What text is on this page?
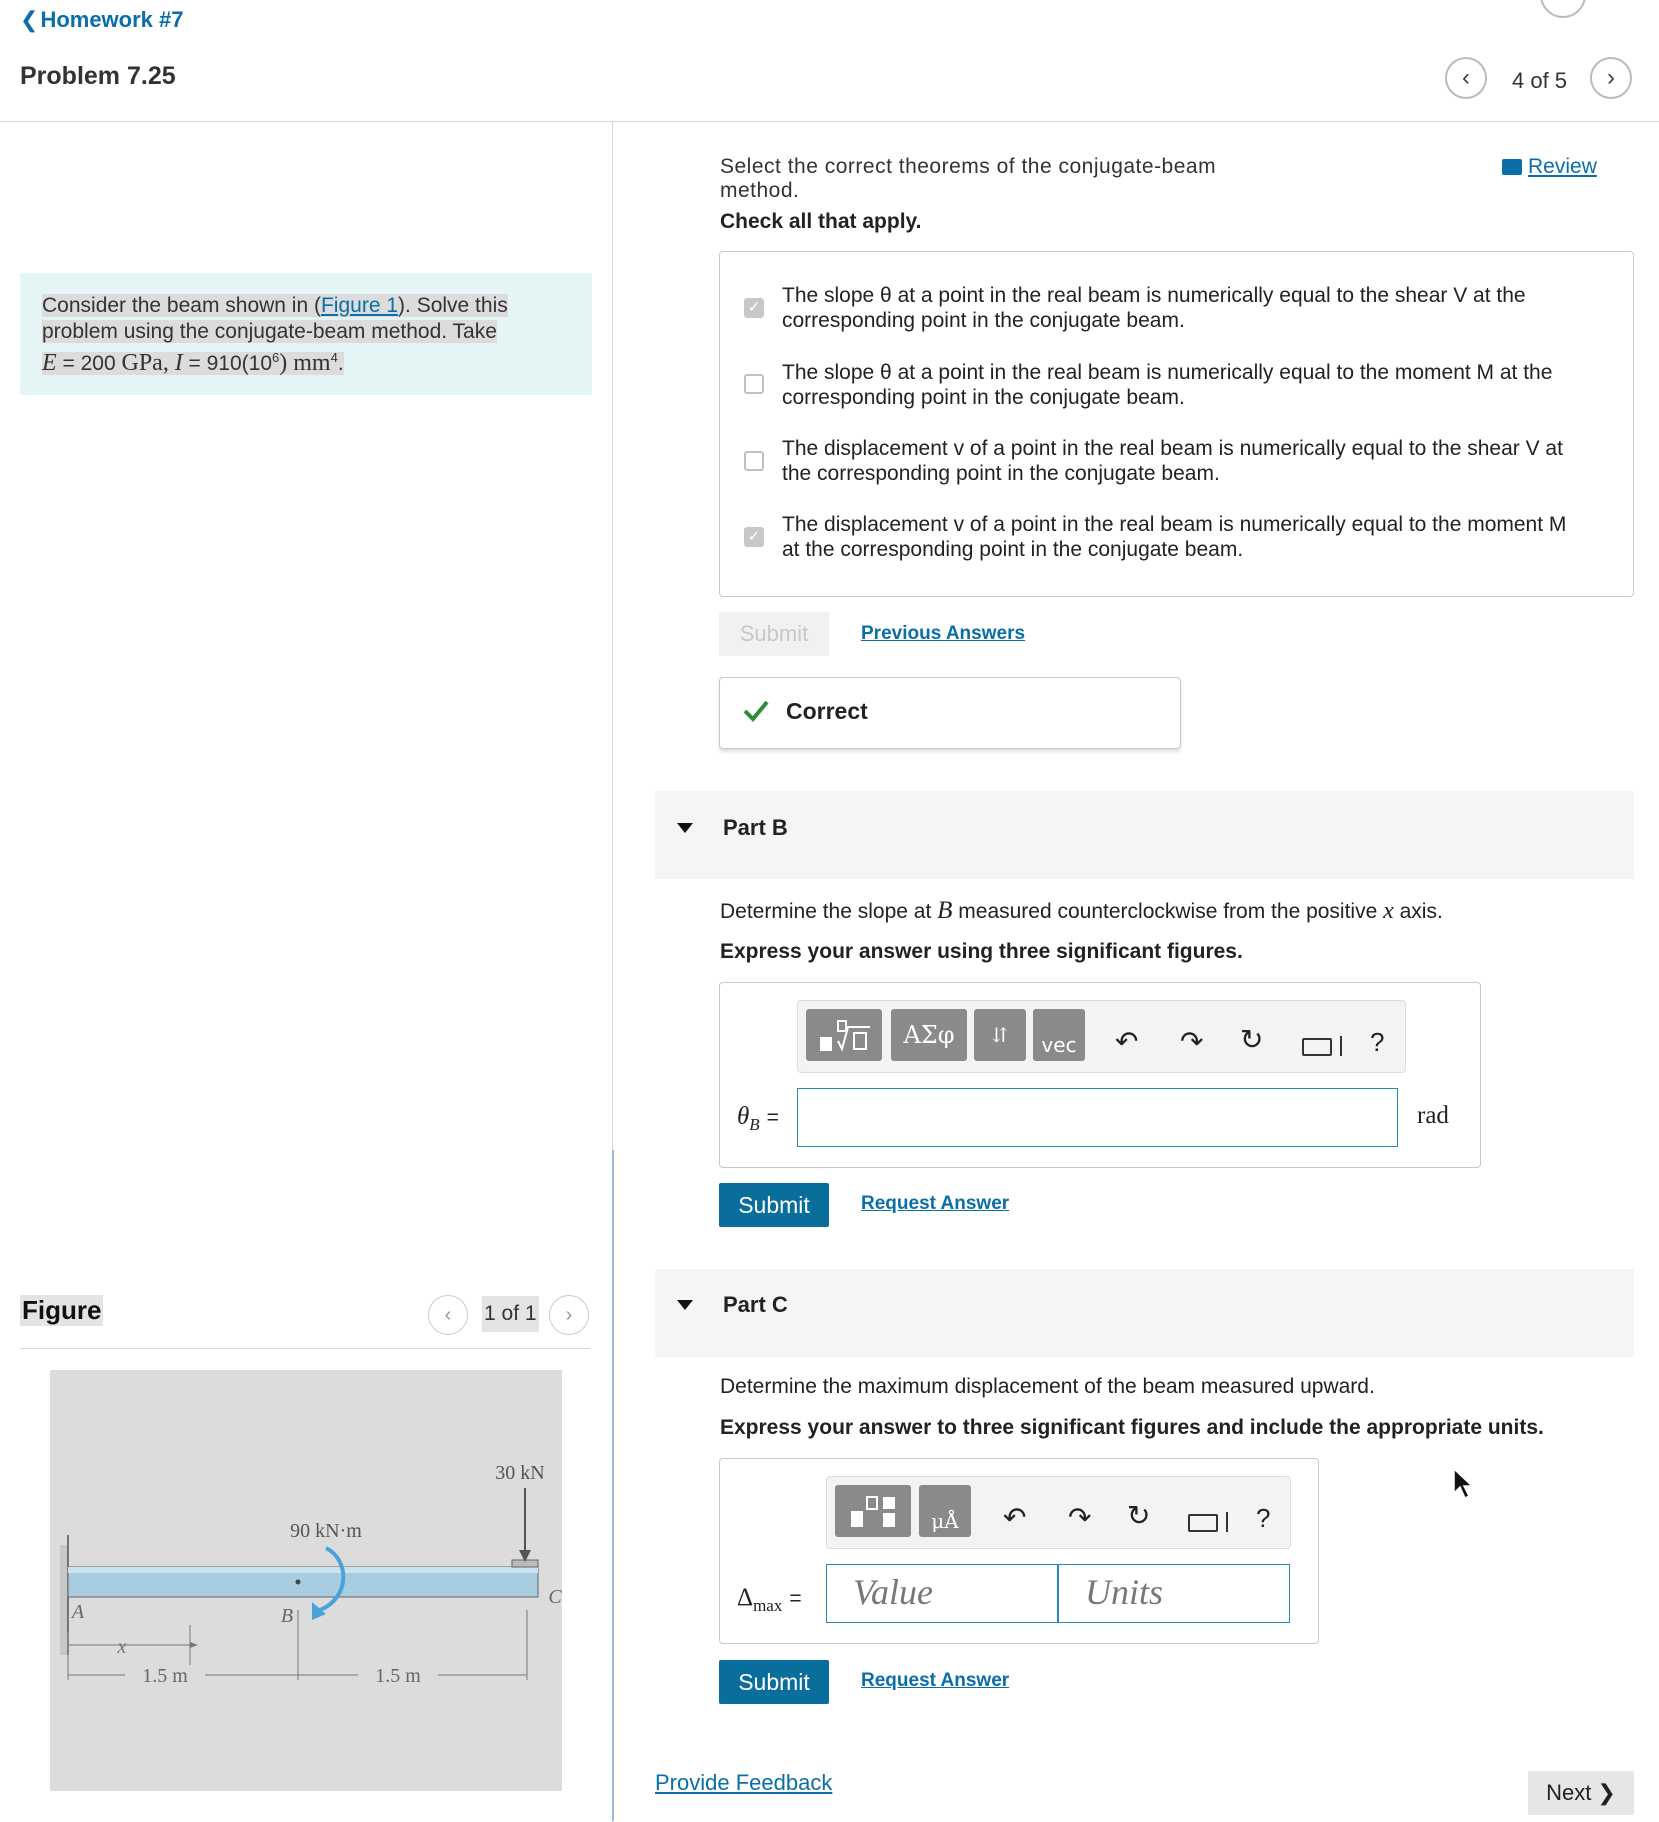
❮Homework #7
Problem 7.25	‹ 4 of 5 ›
Consider the beam shown in (Figure 1). Solve this problem using the conjugate-beam method. Take
E = 200 GPa, $I = 910(10^6)$ $mm^4$.
Figure	‹ 1 of 1 ›
30 kN
90 kN·m
A	B
C
x
1.5 m	1.5 m
Review
Select the correct theorems of the conjugate-beam method.
Check all that apply.
✓
The slope θ at a point in the real beam is numerically equal to the shear V at the
corresponding point in the conjugate beam.
The slope θ at a point in the real beam is numerically equal to the moment M at the
corresponding point in the conjugate beam.
The displacement v of a point in the real beam is numerically equal to the shear V at
the corresponding point in the conjugate beam.
✓
The displacement v of a point in the real beam is numerically equal to the moment M
at the corresponding point in the conjugate beam.
Submit	Previous Answers
Correct
Part B
Determine the slope at B measured counterclockwise from the positive x axis.
Express your answer using three significant figures.
ΑΣφ	⇵	vec	↶ ↷ ↻	?
$\theta_B$ =	rad
Submit	Request Answer
Part C
Determine the maximum displacement of the beam measured upward.
Express your answer to three significant figures and include the appropriate units.
μÅ	↶ ↷ ↻	?
$\Delta_{max}$ = Value	Units
Submit	Request Answer
Provide Feedback	Next ❯
